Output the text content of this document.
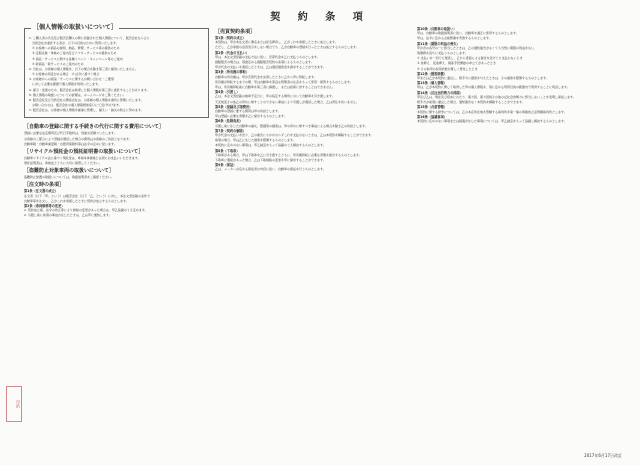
契 約 条 項
印紙
［個人情報の取扱いについて］
1. ご購入者の氏名及び販売店購入の際に記載された個人情報について、販売会社ならびに
　当該会社が委託する者が、以下の目的のために利用いたします。
　① お客様への商品の説明、納品、修理、サービス等の提供のため
　② 定期点検・車検のご案内及びアフターサービスの提供のため
　③ 商品・サービスに関する各種イベント・キャンペーン等のご案内
　④ 新商品・新サービスのご案内のため
2. 当社は、お客様の個人情報を、以下の場合を除き第三者に提供いたしません。
　① お客様の同意がある場合　② 法令に基づく場合
3. お客様からの商品・サービスに関するお問い合わせ・ご要望
　に対して必要な範囲で個人情報を利用いたします。
4. 提示・送達のため、販売会社は取得した個人情報を第三者に委託することがあります。
5. 個人情報の取扱いについての詳細は、ホームページをご覧ください。
6. 販売会社及び当該会社の関係会社は、お客様の個人情報を適切に管理いたします。
　お問い合わせは、販売会社の個人情報相談窓口にて受け付けます。
7. 販売会社は、お客様の個人情報を厳重に管理し、漏えい・滅失の防止に努めます。
［自動車の登録に関する手続きの代行に関する費用について］
登録に必要な法定費用及び代行手数料は、別途お見積りいたします。
お客様のご都合により登録が遅延した場合の費用はお客様のご負担となります。
自動車税・自動車重量税・自賠責保険料等は法令の定めに従います。
［リサイクル預託金の預託証明書の取扱いについて］
自動車リサイクル法に基づく預託金は、車両本体価格とは別にお支払いいただきます。
預託証明書は、車検証とともに大切に保管してください。
［盗難防止対象車両の取扱いについて］
盗難防止装置の取扱いについては、取扱説明書をご確認ください。
［注文時の条項］
第1条（注文書の成立）
注文者（以下「甲」という）は販売会社（以下「乙」という）に対し、本注文書記載の条件で
自動車等を注文し、乙がこれを承諾したときに契約が成立するものとします。
第2条（車両価格等の変更）
1. 契約成立後、法令の改正等により価格の変更があった場合は、甲乙協議のうえ定めます。
2. 引渡し前に前項の事由が生じたときは、乙は甲に通知します。
［売買契約条項］
第1条（契約の成立）
本契約は、甲が本注文書に署名または記名押印し、乙がこれを承諾したときに成立します。
ただし、乙が承諾の意思表示をしない場合でも、乙が自動車の登録を行ったときは成立するものとします。
第2条（代金の支払い）
甲は、本注文書記載の支払方法に従い、売買代金を乙に支払うものとします。
割賦販売の場合は、別途定める割賦販売契約の条項によるものとします。
甲が代金の支払いを遅延したときは、乙は遅延損害金を請求することができます。
第3条（所有権の移転）
自動車の所有権は、甲が売買代金を完済したときに乙から甲に移転します。
所有権が移転するまでの間、甲は自動車を善良な管理者の注意をもって使用・保管するものとします。
甲は、所有権移転前に自動車を第三者に譲渡し、または担保に供することはできません。
第4条（引渡し）
乙は、本注文書記載の納車予定日に、甲の指定する場所において自動車を引き渡します。
天災地変その他乙の責めに帰すことのできない事由により引渡しが遅延した場合、乙は責任を負いません。
第5条（登録及び諸費用）
自動車の登録に要する費用は甲の負担とします。
甲は登録に必要な書類を乙に提出するものとします。
第6条（危険負担）
引渡し前に生じた自動車の滅失、毀損等の損害は、甲の責めに帰すべき事由による場合を除き乙の負担とします。
第7条（契約の解除）
甲が代金の支払いを怠り、乙の催告にもかかわらずこれを支払わないときは、乙は本契約を解除することができます。
前項の場合、甲は乙に生じた損害を賠償するものとします。
本契約に定めのない事項は、甲乙誠意をもって協議のうえ解決するものとします。
第8条（下取車）
下取車がある場合、甲は下取車を乙に引き渡すとともに、所有権移転に必要な書類を提出するものとします。
下取車に瑕疵があった場合、乙は下取価格の変更を甲に請求することができます。
第9条（保証）
乙は、メーカーが定める保証書の内容に従い、自動車の保証を行うものとします。
第10条（自動車の取扱い）
甲は、自動車の取扱説明書に従い、自動車を適正に使用するものとします。
甲は、法令に定める点検整備を実施するものとします。
第11条（期限の利益の喪失）
甲が次の各号の一に該当したときは、乙の通知催告がなくても当然に期限の利益を失い、
残債務を直ちに支払うものとします。
① 支払いを一回でも遅延し、乙から書面による催告を受けても支払わないとき
② 差押え、仮差押え、破産手続開始の申立てがあったとき
③ その他甲の信用状態が著しく悪化したとき
第12条（損害賠償）
甲または乙が本契約に違反し、相手方に損害を与えたときは、その損害を賠償するものとします。
第13条（個人情報）
甲は、乙が本契約に関して取得した甲の個人情報を、別に定める利用目的の範囲内で利用することに同意します。
第14条（反社会的勢力の排除）
甲及び乙は、現在及び将来にわたり、暴力団、暴力団員その他の反社会的勢力に該当しないことを表明し保証します。
相手方が前項に違反した場合、通知催告なく本契約を解除することができます。
第15条（合意管轄）
本契約に関する紛争については、乙の本店所在地を管轄する裁判所を第一審の専属的合意管轄裁判所とします。
第16条（協議事項）
本契約に定めのない事項または疑義が生じた事項については、甲乙誠意をもって協議し解決するものとします。
2017年6月17日改訂
